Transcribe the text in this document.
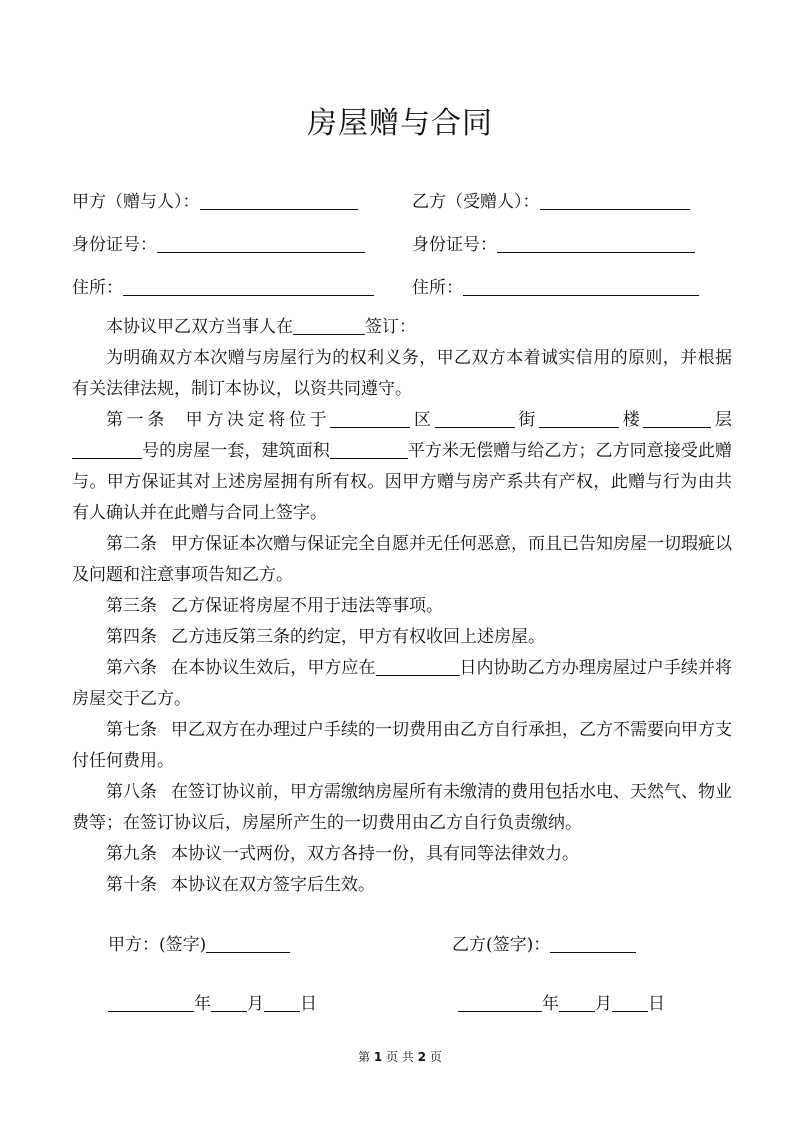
房屋赠与合同
甲方（赠与人）：	乙方（受赠人）：
身份证号：	身份证号：
住所：	住所：

本协议甲乙双方当事人在	签订：

为明确双方本次赠与房屋行为的权利义务，甲乙双方本着诚实信用的原则，并根据有关法律法规，制订本协议，以资共同遵守。

第一条 甲方决定将位于	区	街	楼	层号的房屋一套，建筑面积	平方米无偿赠与给乙方；乙方同意接受此赠与。甲方保证其对上述房屋拥有所有权。因甲方赠与房产系共有产权，此赠与行为由共有人确认并在此赠与合同上签字。

第二条 甲方保证本次赠与保证完全自愿并无任何恶意，而且已告知房屋一切瑕疵以及问题和注意事项告知乙方。

第三条 乙方保证将房屋不用于违法等事项。

第四条 乙方违反第三条的约定，甲方有权收回上述房屋。

第六条 在本协议生效后，甲方应在	日内协助乙方办理房屋过户手续并将房屋交于乙方。

第七条 甲乙双方在办理过户手续的一切费用由乙方自行承担，乙方不需要向甲方支付任何费用。

第八条 在签订协议前，甲方需缴纳房屋所有未缴清的费用包括水电、天然气、物业费等；在签订协议后，房屋所产生的一切费用由乙方自行负责缴纳。

第九条 本协议一式两份，双方各持一份，具有同等法律效力。

第十条 本协议在双方签字后生效。

甲方：(签字)	乙方(签字)：
年 月 日	年 月 日
第 1 页 共 2 页
